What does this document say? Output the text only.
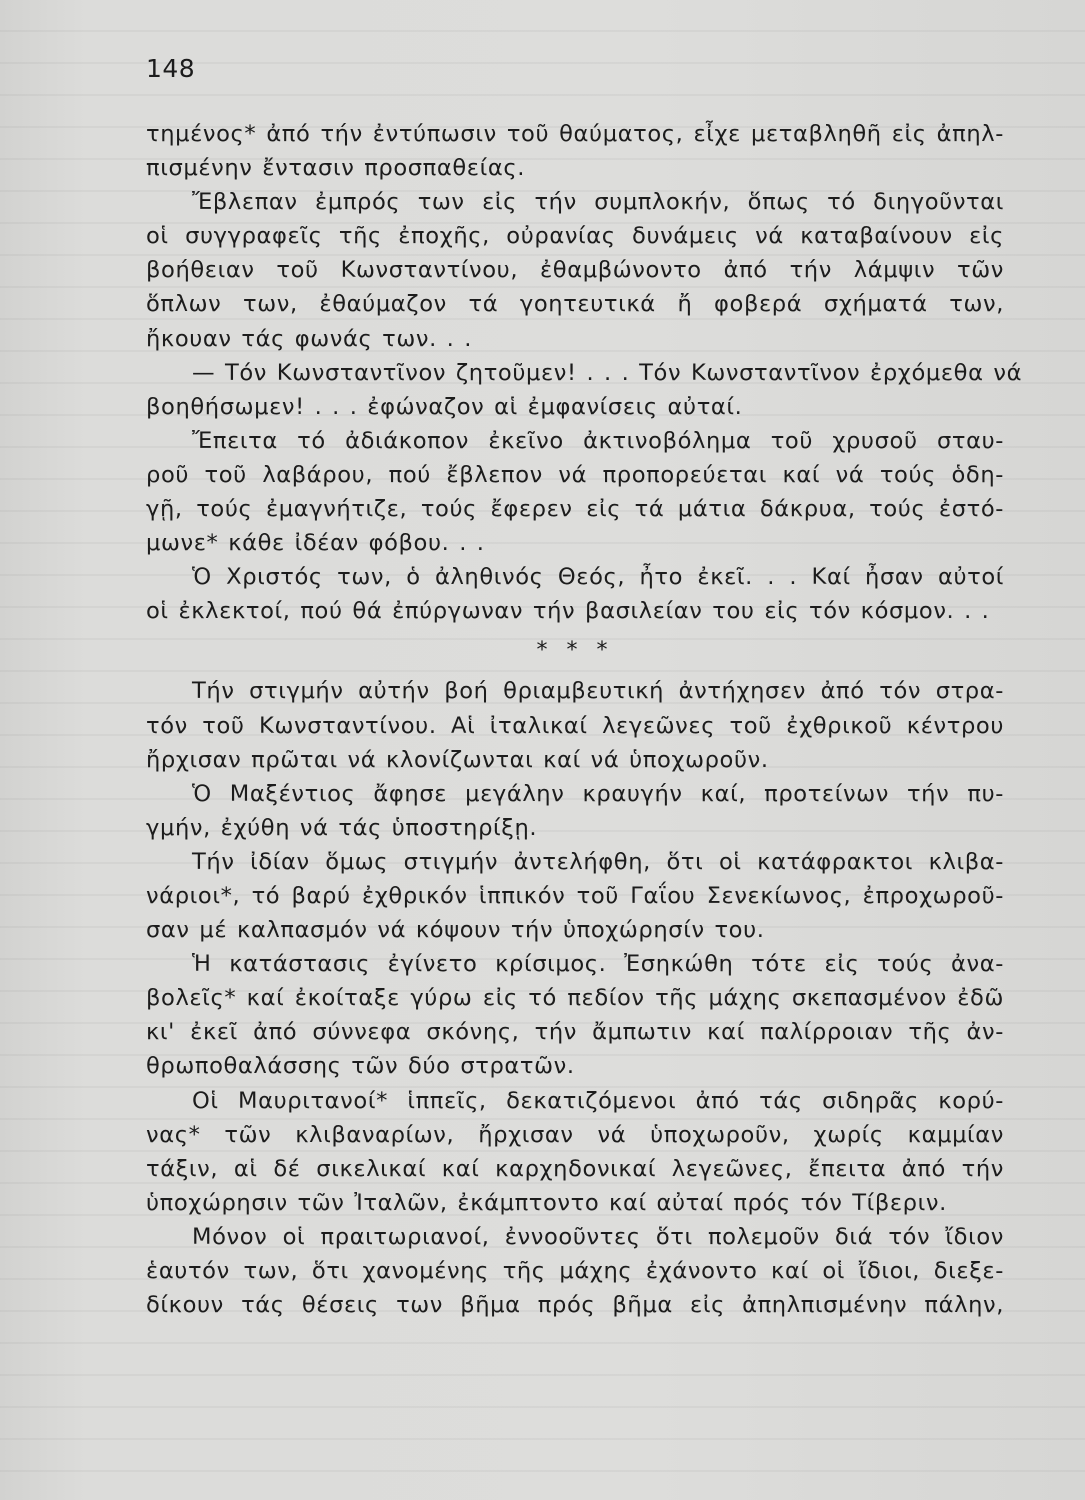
148
τημένος* ἀπό τήν ἐντύπωσιν τοῦ θαύματος, εἶχε μεταβληθῆ εἰς ἀπηλ-
πισμένην ἔντασιν προσπαθείας.
Ἔβλεπαν ἐμπρός των εἰς τήν συμπλοκήν, ὅπως τό διηγοῦνται
οἱ συγγραφεῖς τῆς ἐποχῆς, οὐρανίας δυνάμεις νά καταβαίνουν εἰς
βοήθειαν τοῦ Κωνσταντίνου, ἐθαμβώνοντο ἀπό τήν λάμψιν τῶν
ὅπλων των, ἐθαύμαζον τά γοητευτικά ἤ φοβερά σχήματά των,
ἤκουαν τάς φωνάς των. . .
— Τόν Κωνσταντῖνον ζητοῦμεν! . . . Τόν Κωνσταντῖνον ἐρχόμεθα νά
βοηθήσωμεν! . . . ἐφώναζον αἱ ἐμφανίσεις αὐταί.
Ἔπειτα τό ἀδιάκοπον ἐκεῖνο ἀκτινοβόλημα τοῦ χρυσοῦ σταυ-
ροῦ τοῦ λαβάρου, πού ἔβλεπον νά προπορεύεται καί νά τούς ὁδη-
γῇ, τούς ἐμαγνήτιζε, τούς ἔφερεν εἰς τά μάτια δάκρυα, τούς ἐστό-
μωνε* κάθε ἰδέαν φόβου. . .
Ὁ Χριστός των, ὁ ἀληθινός Θεός, ἦτο ἐκεῖ. . . Καί ἦσαν αὐτοί
οἱ ἐκλεκτοί, πού θά ἐπύργωναν τήν βασιλείαν του εἰς τόν κόσμον. . .
* * *
Τήν στιγμήν αὐτήν βοή θριαμβευτική ἀντήχησεν ἀπό τόν στρα-
τόν τοῦ Κωνσταντίνου. Αἱ ἰταλικαί λεγεῶνες τοῦ ἐχθρικοῦ κέντρου
ἤρχισαν πρῶται νά κλονίζωνται καί νά ὑποχωροῦν.
Ὁ Μαξέντιος ἄφησε μεγάλην κραυγήν καί, προτείνων τήν πυ-
γμήν, ἐχύθη νά τάς ὑποστηρίξῃ.
Τήν ἰδίαν ὅμως στιγμήν ἀντελήφθη, ὅτι οἱ κατάφρακτοι κλιβα-
νάριοι*, τό βαρύ ἐχθρικόν ἱππικόν τοῦ Γαΐου Σενεκίωνος, ἐπροχωροῦ-
σαν μέ καλπασμόν νά κόψουν τήν ὑποχώρησίν του.
Ἡ κατάστασις ἐγίνετο κρίσιμος. Ἐσηκώθη τότε εἰς τούς ἀνα-
βολεῖς* καί ἐκοίταξε γύρω εἰς τό πεδίον τῆς μάχης σκεπασμένον ἐδῶ
κι' ἐκεῖ ἀπό σύννεφα σκόνης, τήν ἄμπωτιν καί παλίρροιαν τῆς ἀν-
θρωποθαλάσσης τῶν δύο στρατῶν.
Οἱ Μαυριτανοί* ἱππεῖς, δεκατιζόμενοι ἀπό τάς σιδηρᾶς κορύ-
νας* τῶν κλιβαναρίων, ἤρχισαν νά ὑποχωροῦν, χωρίς καμμίαν
τάξιν, αἱ δέ σικελικαί καί καρχηδονικαί λεγεῶνες, ἔπειτα ἀπό τήν
ὑποχώρησιν τῶν Ἰταλῶν, ἐκάμπτοντο καί αὐταί πρός τόν Τίβεριν.
Μόνον οἱ πραιτωριανοί, ἐννοοῦντες ὅτι πολεμοῦν διά τόν ἴδιον
ἑαυτόν των, ὅτι χανομένης τῆς μάχης ἐχάνοντο καί οἱ ἴδιοι, διεξε-
δίκουν τάς θέσεις των βῆμα πρός βῆμα εἰς ἀπηλπισμένην πάλην,
